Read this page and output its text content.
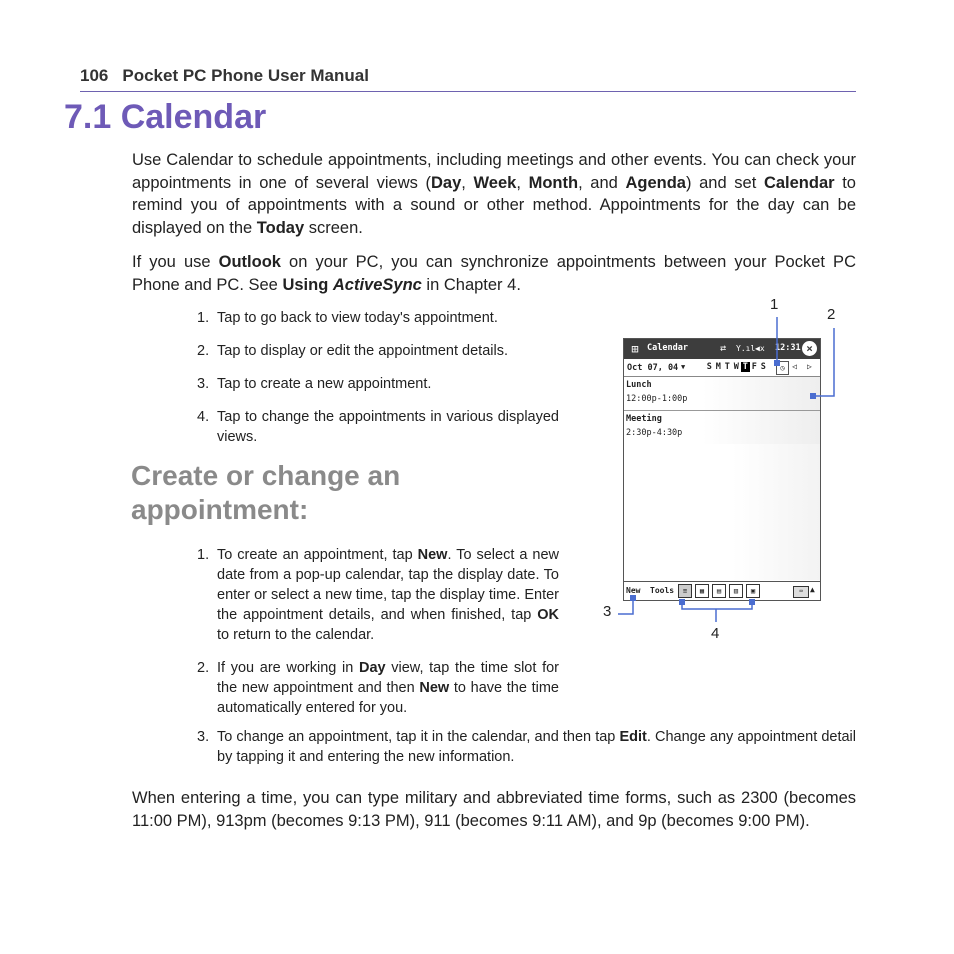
106 Pocket PC Phone User Manual
7.1 Calendar
Use Calendar to schedule appointments, including meetings and other events. You can check your appointments in one of several views (Day, Week, Month, and Agenda) and set Calendar to remind you of appointments with a sound or other method. Appointments for the day can be displayed on the Today screen.
If you use Outlook on your PC, you can synchronize appointments between your Pocket PC Phone and PC. See Using ActiveSync in Chapter 4.
1. Tap to go back to view today's appointment.
2. Tap to display or edit the appointment details.
3. Tap to create a new appointment.
4. Tap to change the appointments in various displayed views.
Create or change an appointment:
1. To create an appointment, tap New. To select a new date from a pop-up calendar, tap the display date. To enter or select a new time, tap the display time. Enter the appointment details, and when finished, tap OK to return to the calendar.
2. If you are working in Day view, tap the time slot for the new appointment and then New to have the time automatically entered for you.
3. To change an appointment, tap it in the calendar, and then tap Edit. Change any appointment detail by tapping it and entering the new information.
When entering a time, you can type military and abbreviated time forms, such as 2300 (becomes 11:00 PM), 913pm (becomes 9:13 PM), 911 (becomes 9:11 AM), and 9p (becomes 9:00 PM).
1
2
3
4
⊞ Calendar	⇄ Y.ıl ◀x 12:31 ×
Oct 07, 04 ▼	S M T W T F S	◷ ◁ ▷
Lunch
12:00p-1:00p
Meeting
2:30p-4:30p
New Tools	≡	▦	▤	▥	▣	⌨ ▲
